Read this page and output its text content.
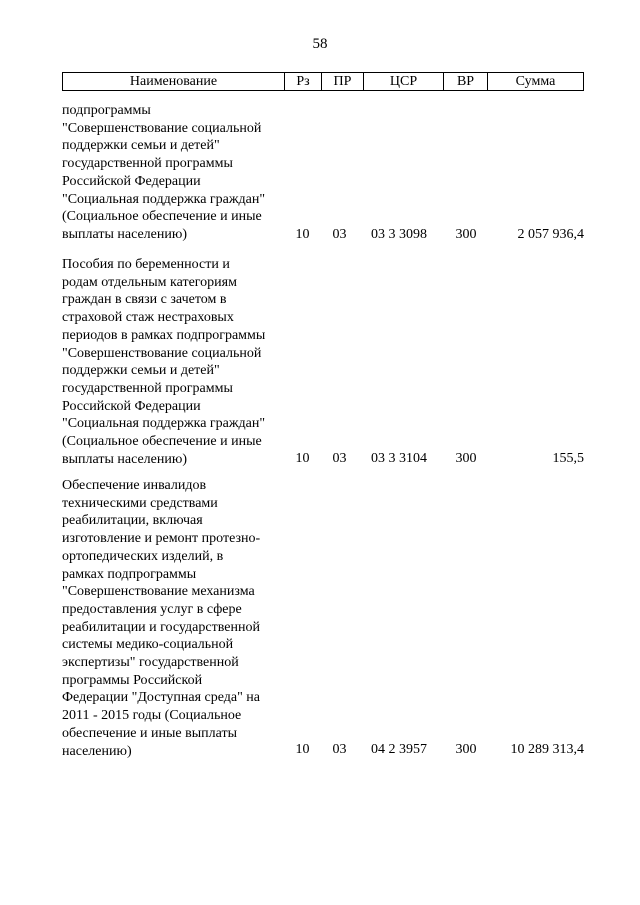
58
Наименование	Рз	ПР	ЦСР	ВР	Сумма
подпрограммы
"Совершенствование социальной
поддержки семьи и детей"
государственной программы
Российской Федерации
"Социальная поддержка граждан"
(Социальное обеспечение и иные
выплаты населению)	10	03	03 3 3098	300	2 057 936,4
Пособия по беременности и
родам отдельным категориям
граждан в связи с зачетом в
страховой стаж нестраховых
периодов в рамках подпрограммы
"Совершенствование социальной
поддержки семьи и детей"
государственной программы
Российской Федерации
"Социальная поддержка граждан"
(Социальное обеспечение и иные
выплаты населению)	10	03	03 3 3104	300	155,5
Обеспечение инвалидов
техническими средствами
реабилитации, включая
изготовление и ремонт протезно-
ортопедических изделий, в
рамках подпрограммы
"Совершенствование механизма
предоставления услуг в сфере
реабилитации и государственной
системы медико-социальной
экспертизы" государственной
программы Российской
Федерации "Доступная среда" на
2011 - 2015 годы (Социальное
обеспечение и иные выплаты
населению)	10	03	04 2 3957	300	10 289 313,4
